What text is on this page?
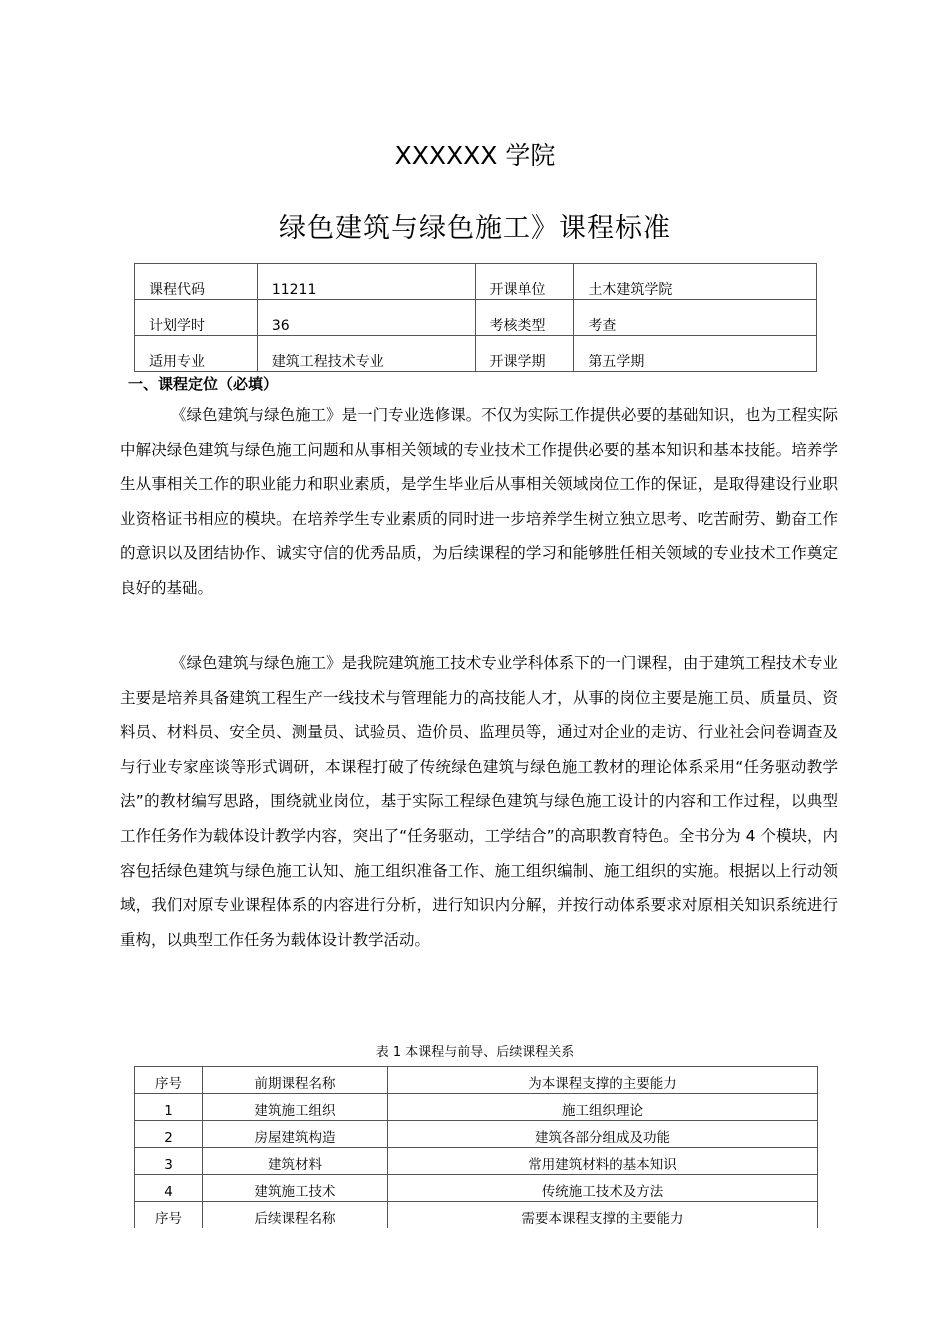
XXXXXX 学院
绿色建筑与绿色施工》课程标准
课程代码	11211	开课单位	土木建筑学院
计划学时	36	考核类型	考查
适用专业	建筑工程技术专业	开课学期	第五学期
一、课程定位（必填）

《绿色建筑与绿色施工》是一门专业选修课。不仅为实际工作提供必要的基础知识，也为工程实际中解决绿色建筑与绿色施工问题和从事相关领域的专业技术工作提供必要的基本知识和基本技能。培养学生从事相关工作的职业能力和职业素质，是学生毕业后从事相关领域岗位工作的保证，是取得建设行业职业资格证书相应的模块。在培养学生专业素质的同时进一步培养学生树立独立思考、吃苦耐劳、勤奋工作的意识以及团结协作、诚实守信的优秀品质，为后续课程的学习和能够胜任相关领域的专业技术工作奠定良好的基础。

《绿色建筑与绿色施工》是我院建筑施工技术专业学科体系下的一门课程，由于建筑工程技术专业主要是培养具备建筑工程生产一线技术与管理能力的高技能人才，从事的岗位主要是施工员、质量员、资料员、材料员、安全员、测量员、试验员、造价员、监理员等，通过对企业的走访、行业社会问卷调查及与行业专家座谈等形式调研，本课程打破了传统绿色建筑与绿色施工教材的理论体系采用“任务驱动教学法”的教材编写思路，围绕就业岗位，基于实际工程绿色建筑与绿色施工设计的内容和工作过程，以典型工作任务作为载体设计教学内容，突出了“任务驱动，工学结合”的高职教育特色。全书分为 4 个模块，内容包括绿色建筑与绿色施工认知、施工组织准备工作、施工组织编制、施工组织的实施。根据以上行动领域，我们对原专业课程体系的内容进行分析，进行知识内分解，并按行动体系要求对原相关知识系统进行重构，以典型工作任务为载体设计教学活动。

表 1 本课程与前导、后续课程关系
序号	前期课程名称	为本课程支撑的主要能力
1	建筑施工组织	施工组织理论
2	房屋建筑构造	建筑各部分组成及功能
3	建筑材料	常用建筑材料的基本知识
4	建筑施工技术	传统施工技术及方法
序号	后续课程名称	需要本课程支撑的主要能力
